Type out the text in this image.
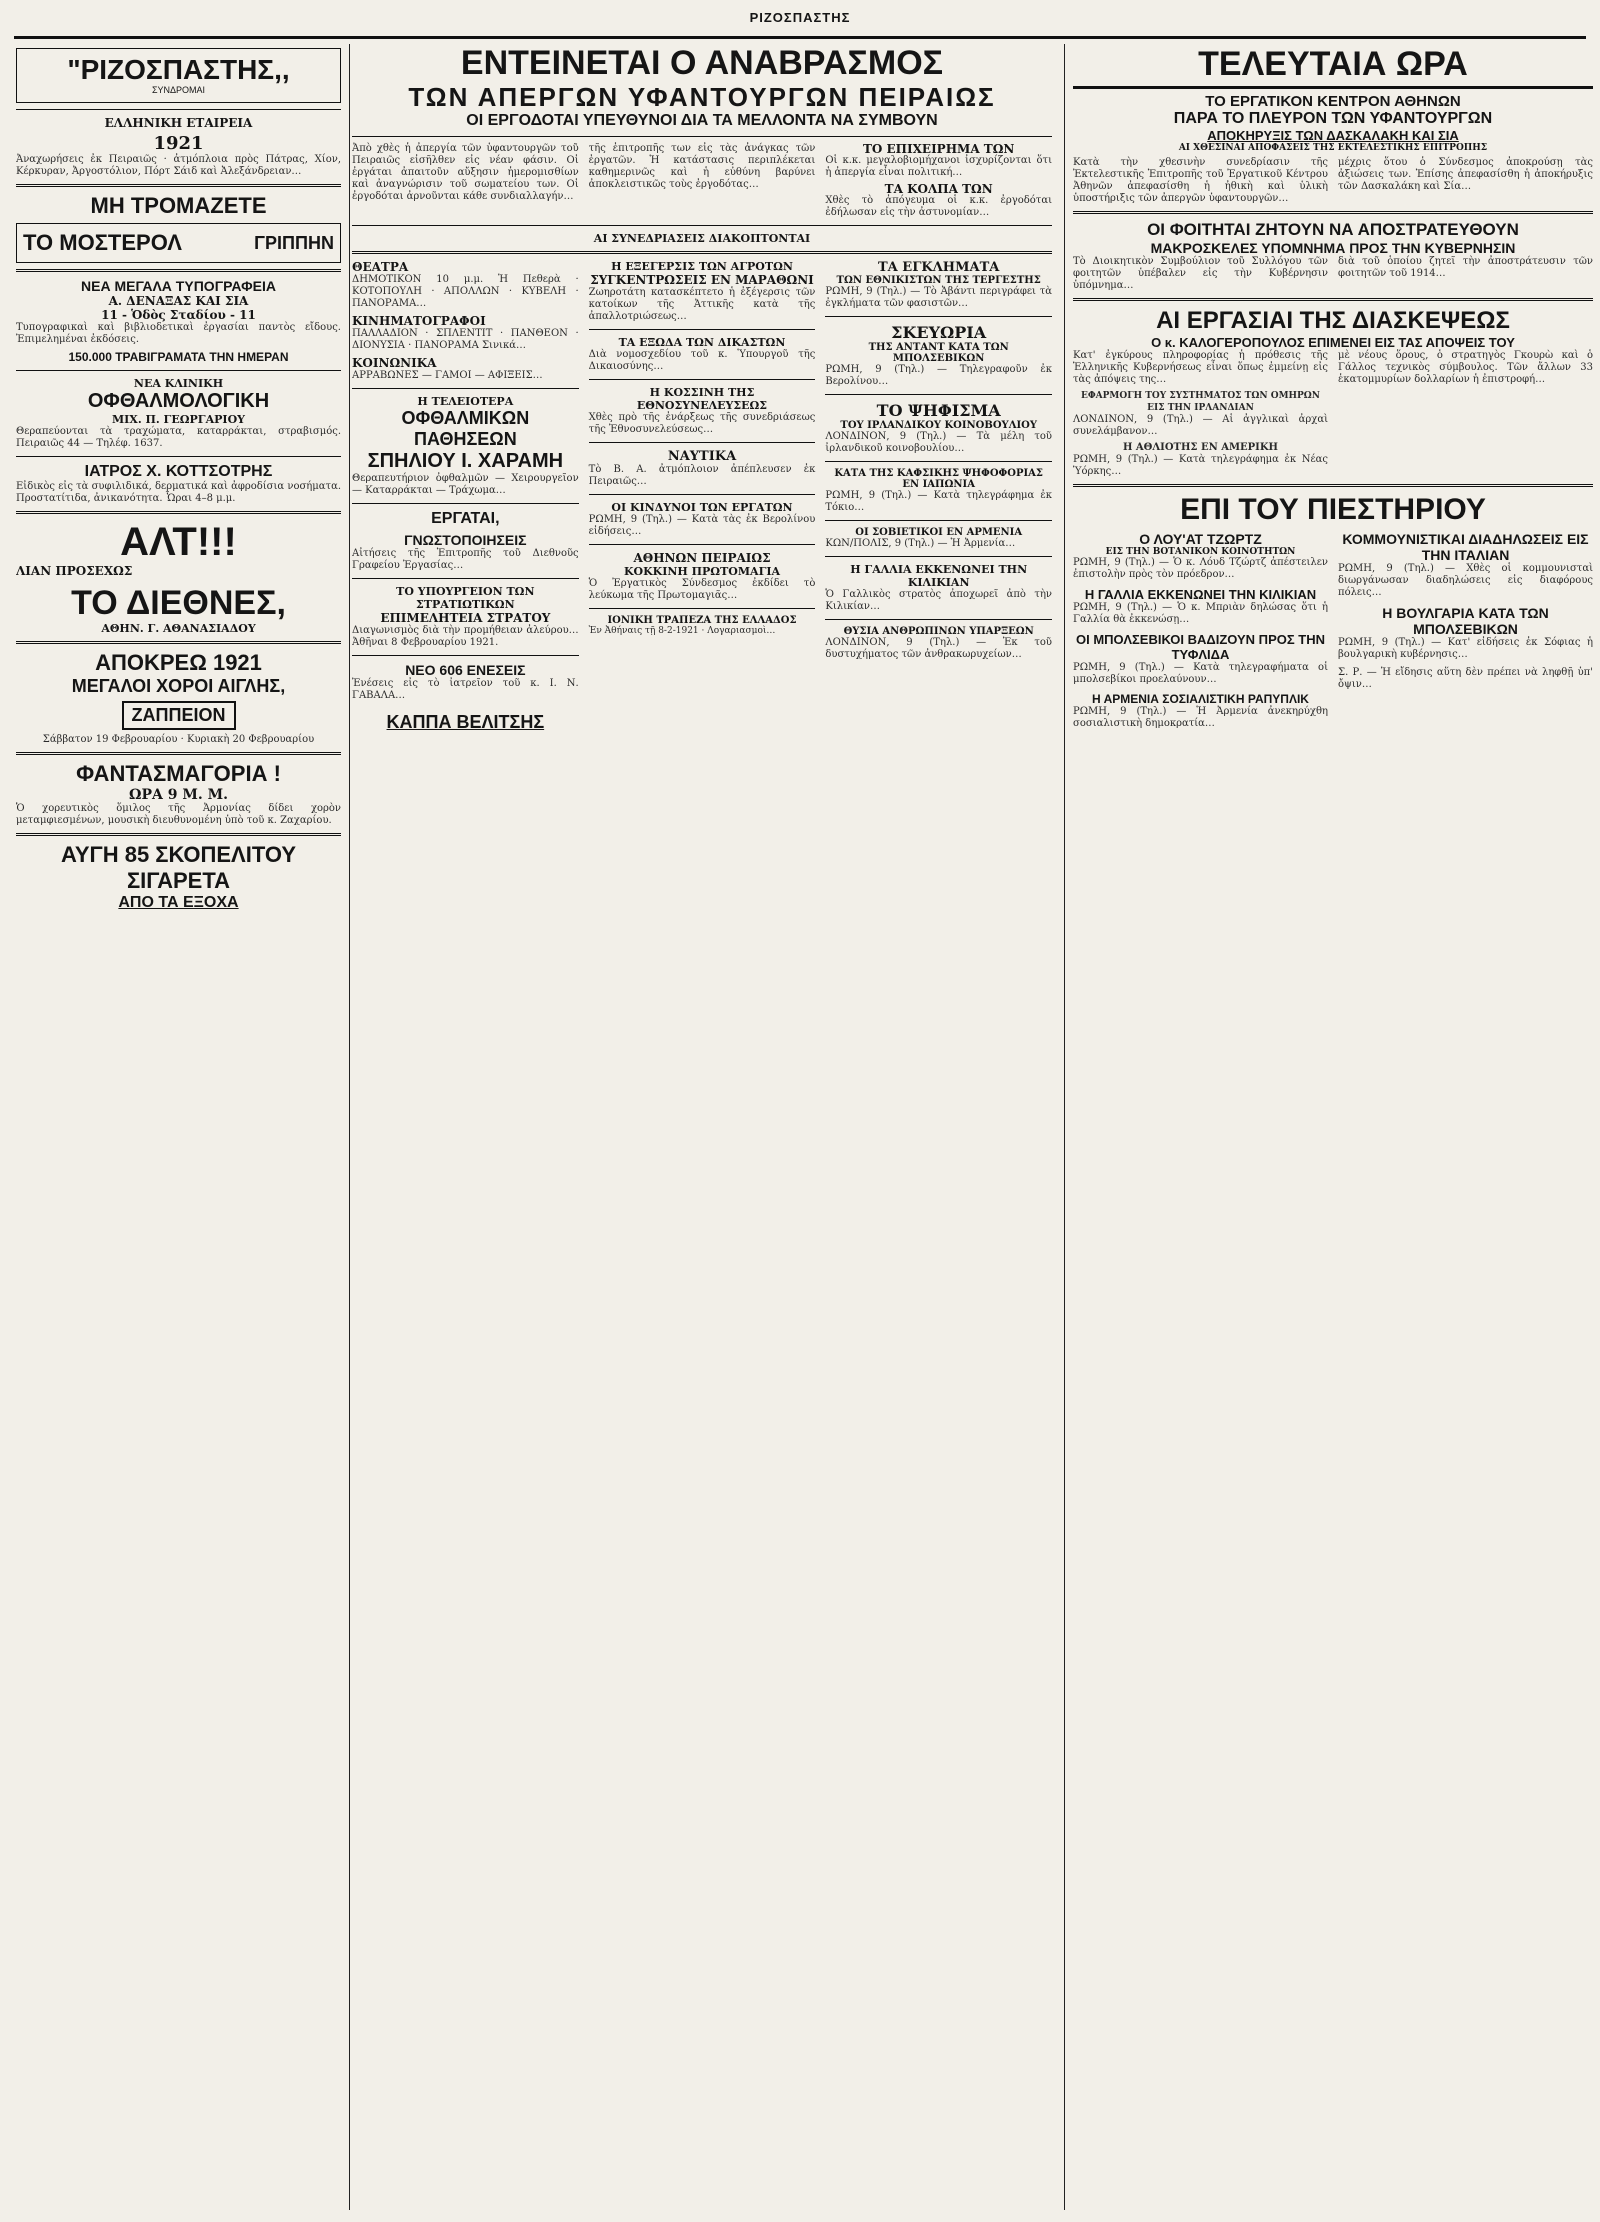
ΡΙΖΟΣΠΑΣΤΗΣ
"ΡΙΖΟΣΠΑΣΤΗΣ,,
ΣΥΝΔΡΟΜΑΙ
ΕΛΛΗΝΙΚΗ ΕΤΑΙΡΕΙΑ
1921
Ἀναχωρήσεις ἐκ Πειραιῶς · ἀτμόπλοια πρὸς Πάτρας, Χίον, Κέρκυραν, Ἀργοστόλιον, Πόρτ Σάιδ καὶ Ἀλεξάνδρειαν…
ΜΗ ΤΡΟΜΑΖΕΤΕ
ΤΟ ΜΟΣΤΕΡΟΛ	ΓΡΙΠΠΗΝ
ΝΕΑ ΜΕΓΑΛΑ ΤΥΠΟΓΡΑΦΕΙΑ
Α. ΔΕΝΑΞΑΣ ΚΑΙ ΣΙΑ
11 - Ὁδὸς Σταδίου - 11
Τυπογραφικαὶ καὶ βιβλιοδετικαὶ ἐργασίαι παντὸς εἴδους. Ἐπιμελημέναι ἐκδόσεις.
150.000 ΤΡΑΒΙΓΡΑΜΑΤΑ ΤΗΝ ΗΜΕΡΑΝ
ΝΕΑ ΚΛΙΝΙΚΗ
ΟΦΘΑΛΜΟΛΟΓΙΚΗ
ΜΙΧ. Π. ΓΕΩΡΓΑΡΙΟΥ
Θεραπεύονται τὰ τραχώματα, καταρράκται, στραβισμός. Πειραιῶς 44 — Τηλέφ. 1637.
ΙΑΤΡΟΣ Χ. ΚΟΤΤΣΟΤΡΗΣ
Εἰδικὸς εἰς τὰ συφιλιδικά, δερματικά καὶ ἀφροδίσια νοσήματα. Προστατίτιδα, ἀνικανότητα. Ὧραι 4–8 μ.μ.
ΑΛΤ!!!
ΛΙΑΝ ΠΡΟΣΕΧΩΣ
ΤΟ ΔΙΕΘΝΕΣ,
ΑΘΗΝ. Γ. ΑΘΑΝΑΣΙΑΔΟΥ
ΑΠΟΚΡΕΩ 1921
ΜΕΓΑΛΟΙ ΧΟΡΟΙ ΑΙΓΛΗΣ,
ΖΑΠΠΕΙΟΝ
Σάββατον 19 Φεβρουαρίου · Κυριακὴ 20 Φεβρουαρίου
ΦΑΝΤΑΣΜΑΓΟΡΙΑ !
ΩΡΑ 9 Μ. Μ.
Ὁ χορευτικὸς ὅμιλος τῆς Ἀρμονίας δίδει χορὸν μεταμφιεσμένων, μουσικὴ διευθυνομένη ὑπὸ τοῦ κ. Ζαχαρίου.
ΑΥΓΗ 85 ΣΚΟΠΕΛΙΤΟΥ ΣΙΓΑΡΕΤΑ
ΑΠΟ ΤΑ ΕΞΟΧΑ
ΕΝΤΕΙΝΕΤΑΙ Ο ΑΝΑΒΡΑΣΜΟΣ
ΤΩΝ ΑΠΕΡΓΩΝ ΥΦΑΝΤΟΥΡΓΩΝ ΠΕΙΡΑΙΩΣ
ΟΙ ΕΡΓΟΔΟΤΑΙ ΥΠΕΥΘΥΝΟΙ ΔΙΑ ΤΑ ΜΕΛΛΟΝΤΑ ΝΑ ΣΥΜΒΟΥΝ
Ἀπὸ χθὲς ἡ ἀπεργία τῶν ὑφαντουργῶν τοῦ Πειραιῶς εἰσῆλθεν εἰς νέαν φάσιν. Οἱ ἐργάται ἀπαιτοῦν αὔξησιν ἡμερομισθίων καὶ ἀναγνώρισιν τοῦ σωματείου των. Οἱ ἐργοδόται ἀρνοῦνται κάθε συνδιαλλαγήν…
τῆς ἐπιτροπῆς των εἰς τὰς ἀνάγκας τῶν ἐργατῶν. Ἡ κατάστασις περιπλέκεται καθημερινῶς καὶ ἡ εὐθύνη βαρύνει ἀποκλειστικῶς τοὺς ἐργοδότας…
ΤΟ ΕΠΙΧΕΙΡΗΜΑ ΤΩΝ
Οἱ κ.κ. μεγαλοβιομήχανοι ἰσχυρίζονται ὅτι ἡ ἀπεργία εἶναι πολιτική…
ΤΑ ΚΟΛΠΑ ΤΩΝ
Χθὲς τὸ ἀπόγευμα οἱ κ.κ. ἐργοδόται ἐδήλωσαν εἰς τὴν ἀστυνομίαν…
ΑΙ ΣΥΝΕΔΡΙΑΣΕΙΣ ΔΙΑΚΟΠΤΟΝΤΑΙ
ΘΕΑΤΡΑ
ΔΗΜΟΤΙΚΟΝ 10 μ.μ. Ἡ Πεθερὰ · ΚΟΤΟΠΟΥΛΗ · ΑΠΟΛΛΩΝ · ΚΥΒΕΛΗ · ΠΑΝΟΡΑΜΑ…
ΚΙΝΗΜΑΤΟΓΡΑΦΟΙ
ΠΑΛΛΑΔΙΟΝ · ΣΠΛΕΝΤΙΤ · ΠΑΝΘΕΟΝ · ΔΙΟΝΥΣΙΑ · ΠΑΝΟΡΑΜΑ Σινικά…
ΚΟΙΝΩΝΙΚΑ
ΑΡΡΑΒΩΝΕΣ — ΓΑΜΟΙ — ΑΦΙΞΕΙΣ…
Η ΤΕΛΕΙΟΤΕΡΑ
ΟΦΘΑΛΜΙΚΩΝ ΠΑΘΗΣΕΩΝ
ΣΠΗΛΙΟΥ Ι. ΧΑΡΑΜΗ
Θεραπευτήριον ὀφθαλμῶν — Χειρουργεῖον — Καταρράκται — Τράχωμα…
ΕΡΓΑΤΑΙ,
ΓΝΩΣΤΟΠΟΙΗΣΕΙΣ
Αἰτήσεις τῆς Ἐπιτροπῆς τοῦ Διεθνοῦς Γραφείου Ἐργασίας…
ΤΟ ΥΠΟΥΡΓΕΙΟΝ ΤΩΝ ΣΤΡΑΤΙΩΤΙΚΩΝ
ΕΠΙΜΕΛΗΤΕΙΑ ΣΤΡΑΤΟΥ
Διαγωνισμὸς διὰ τὴν προμήθειαν ἀλεύρου… Ἀθῆναι 8 Φεβρουαρίου 1921.
ΝΕΟ 606 ΕΝΕΣΕΙΣ
Ἐνέσεις εἰς τὸ ἰατρεῖον τοῦ κ. Ι. Ν. ΓΑΒΑΛΑ…
ΚΑΠΠΑ ΒΕΛΙΤΣΗΣ
Η ΕΞΕΓΕΡΣΙΣ ΤΩΝ ΑΓΡΟΤΩΝ
ΣΥΓΚΕΝΤΡΩΣΕΙΣ ΕΝ ΜΑΡΑΘΩΝΙ
Ζωηροτάτη κατασκέπτετο ἡ ἐξέγερσις τῶν κατοίκων τῆς Ἀττικῆς κατὰ τῆς ἀπαλλοτριώσεως…
ΤΑ ΕΞΩΔΑ ΤΩΝ ΔΙΚΑΣΤΩΝ
Διὰ νομοσχεδίου τοῦ κ. Ὑπουργοῦ τῆς Δικαιοσύνης…
Η ΚΟΣΣΙΝΗ ΤΗΣ ΕΘΝΟΣΥΝΕΛΕΥΣΕΩΣ
Χθὲς πρὸ τῆς ἐνάρξεως τῆς συνεδριάσεως τῆς Ἐθνοσυνελεύσεως…
ΝΑΥΤΙΚΑ
Τὸ Β. Α. ἀτμόπλοιον ἀπέπλευσεν ἐκ Πειραιῶς…
ΟΙ ΚΙΝΔΥΝΟΙ ΤΩΝ ΕΡΓΑΤΩΝ
ΡΩΜΗ, 9 (Τηλ.) — Κατὰ τὰς ἐκ Βερολίνου εἰδήσεις…
ΑΘΗΝΩΝ ΠΕΙΡΑΙΩΣ
ΚΟΚΚΙΝΗ ΠΡΩΤΟΜΑΓΙΑ
Ὁ Ἐργατικὸς Σύνδεσμος ἐκδίδει τὸ λεύκωμα τῆς Πρωτομαγιᾶς…
ΙΟΝΙΚΗ ΤΡΑΠΕΖΑ ΤΗΣ ΕΛΛΑΔΟΣ
Ἐν Ἀθήναις τῇ 8-2-1921 · Λογαριασμοὶ…
ΤΑ ΕΓΚΛΗΜΑΤΑ
ΤΩΝ ΕΘΝΙΚΙΣΤΩΝ ΤΗΣ ΤΕΡΓΕΣΤΗΣ
ΡΩΜΗ, 9 (Τηλ.) — Τὸ Ἀβάντι περιγράφει τὰ ἐγκλήματα τῶν φασιστῶν…
ΣΚΕΥΩΡΙΑ
ΤΗΣ ΑΝΤΑΝΤ ΚΑΤΑ ΤΩΝ ΜΠΟΛΣΕΒΙΚΩΝ
ΡΩΜΗ, 9 (Τηλ.) — Τηλεγραφοῦν ἐκ Βερολίνου…
ΤΟ ΨΗΦΙΣΜΑ
ΤΟΥ ΙΡΛΑΝΔΙΚΟΥ ΚΟΙΝΟΒΟΥΛΙΟΥ
ΛΟΝΔΙΝΟΝ, 9 (Τηλ.) — Τὰ μέλη τοῦ ἰρλανδικοῦ κοινοβουλίου…
ΚΑΤΑ ΤΗΣ ΚΑΦΣΙΚΗΣ ΨΗΦΟΦΟΡΙΑΣ ΕΝ ΙΑΠΩΝΙΑ
ΡΩΜΗ, 9 (Τηλ.) — Κατὰ τηλεγράφημα ἐκ Τόκιο…
ΟΙ ΣΟΒΙΕΤΙΚΟΙ ΕΝ ΑΡΜΕΝΙΑ
ΚΩΝ/ΠΟΛΙΣ, 9 (Τηλ.) — Ἡ Ἀρμενία…
Η ΓΑΛΛΙΑ ΕΚΚΕΝΩΝΕΙ ΤΗΝ ΚΙΛΙΚΙΑΝ
Ὁ Γαλλικὸς στρατὸς ἀποχωρεῖ ἀπὸ τὴν Κιλικίαν…
ΘΥΣΙΑ ΑΝΘΡΩΠΙΝΩΝ ΥΠΑΡΞΕΩΝ
ΛΟΝΔΙΝΟΝ, 9 (Τηλ.) — Ἐκ τοῦ δυστυχήματος τῶν ἀνθρακωρυχείων…
ΤΕΛΕΥΤΑΙΑ ΩΡΑ
ΤΟ ΕΡΓΑΤΙΚΟΝ ΚΕΝΤΡΟΝ ΑΘΗΝΩΝ
ΠΑΡΑ ΤΟ ΠΛΕΥΡΟΝ ΤΩΝ ΥΦΑΝΤΟΥΡΓΩΝ
ΑΠΟΚΗΡΥΞΙΣ ΤΩΝ ΔΑΣΚΑΛΑΚΗ ΚΑΙ ΣΙΑ
ΑΙ ΧΘΕΣΙΝΑΙ ΑΠΟΦΑΣΕΙΣ ΤΗΣ ΕΚΤΕΛΕΣΤΙΚΗΣ ΕΠΙΤΡΟΠΗΣ
Κατὰ τὴν χθεσινὴν συνεδρίασιν τῆς Ἐκτελεστικῆς Ἐπιτροπῆς τοῦ Ἐργατικοῦ Κέντρου Ἀθηνῶν ἀπεφασίσθη ἡ ἠθικὴ καὶ ὑλικὴ ὑποστήριξις τῶν ἀπεργῶν ὑφαντουργῶν…
μέχρις ὅτου ὁ Σύνδεσμος ἀποκρούσῃ τὰς ἀξιώσεις των. Ἐπίσης ἀπεφασίσθη ἡ ἀποκήρυξις τῶν Δασκαλάκη καὶ Σία…
ΟΙ ΦΟΙΤΗΤΑΙ ΖΗΤΟΥΝ ΝΑ ΑΠΟΣΤΡΑΤΕΥΘΟΥΝ
ΜΑΚΡΟΣΚΕΛΕΣ ΥΠΟΜΝΗΜΑ ΠΡΟΣ ΤΗΝ ΚΥΒΕΡΝΗΣΙΝ
Τὸ Διοικητικὸν Συμβούλιον τοῦ Συλλόγου τῶν φοιτητῶν ὑπέβαλεν εἰς τὴν Κυβέρνησιν ὑπόμνημα…
διὰ τοῦ ὁποίου ζητεῖ τὴν ἀποστράτευσιν τῶν φοιτητῶν τοῦ 1914…
ΑΙ ΕΡΓΑΣΙΑΙ ΤΗΣ ΔΙΑΣΚΕΨΕΩΣ
Ο κ. ΚΑΛΟΓΕΡΟΠΟΥΛΟΣ ΕΠΙΜΕΝΕΙ ΕΙΣ ΤΑΣ ΑΠΟΨΕΙΣ ΤΟΥ
Κατ' ἐγκύρους πληροφορίας ἡ πρόθεσις τῆς Ἑλληνικῆς Κυβερνήσεως εἶναι ὅπως ἐμμείνῃ εἰς τὰς ἀπόψεις της…
ΕΦΑΡΜΟΓΗ ΤΟΥ ΣΥΣΤΗΜΑΤΟΣ ΤΩΝ ΟΜΗΡΩΝ ΕΙΣ ΤΗΝ ΙΡΛΑΝΔΙΑΝ
ΛΟΝΔΙΝΟΝ, 9 (Τηλ.) — Αἱ ἀγγλικαὶ ἀρχαὶ συνελάμβανον…
Η ΑΘΛΙΟΤΗΣ ΕΝ ΑΜΕΡΙΚΗ
ΡΩΜΗ, 9 (Τηλ.) — Κατὰ τηλεγράφημα ἐκ Νέας Ὑόρκης…
μὲ νέους ὅρους, ὁ στρατηγὸς Γκουρὼ καὶ ὁ Γάλλος τεχνικὸς σύμβουλος. Τῶν ἄλλων 33 ἑκατομμυρίων δολλαρίων ἡ ἐπιστροφή…
ΕΠΙ ΤΟΥ ΠΙΕΣΤΗΡΙΟΥ
Ο ΛΟΥ'ΑΤ ΤΖΩΡΤΖ
ΕΙΣ ΤΗΝ ΒΟΤΑΝΙΚΟΝ ΚΟΙΝΟΤΗΤΩΝ
ΡΩΜΗ, 9 (Τηλ.) — Ὁ κ. Λόυδ Τζώρτζ ἀπέστειλεν ἐπιστολὴν πρὸς τὸν πρόεδρον…
Η ΓΑΛΛΙΑ ΕΚΚΕΝΩΝΕΙ ΤΗΝ ΚΙΛΙΚΙΑΝ
ΡΩΜΗ, 9 (Τηλ.) — Ὁ κ. Μπριὰν δηλώσας ὅτι ἡ Γαλλία θὰ ἐκκενώσῃ…
ΟΙ ΜΠΟΛΣΕΒΙΚΟΙ ΒΑΔΙΖΟΥΝ ΠΡΟΣ ΤΗΝ ΤΥΦΛΙΔΑ
ΡΩΜΗ, 9 (Τηλ.) — Κατὰ τηλεγραφήματα οἱ μπολσεβίκοι προελαύνουν…
Η ΑΡΜΕΝΙΑ ΣΟΣΙΑΛΙΣΤΙΚΗ ΡΑΠΥΠΛΙΚ
ΡΩΜΗ, 9 (Τηλ.) — Ἡ Ἀρμενία ἀνεκηρύχθη σοσιαλιστικὴ δημοκρατία…
ΚΟΜΜΟΥΝΙΣΤΙΚΑΙ ΔΙΑΔΗΛΩΣΕΙΣ ΕΙΣ ΤΗΝ ΙΤΑΛΙΑΝ
ΡΩΜΗ, 9 (Τηλ.) — Χθὲς οἱ κομμουνισταὶ διωργάνωσαν διαδηλώσεις εἰς διαφόρους πόλεις…
Η ΒΟΥΛΓΑΡΙΑ ΚΑΤΑ ΤΩΝ ΜΠΟΛΣΕΒΙΚΩΝ
ΡΩΜΗ, 9 (Τηλ.) — Κατ' εἰδήσεις ἐκ Σόφιας ἡ βουλγαρικὴ κυβέρνησις…
Σ. Ρ. — Ἡ εἴδησις αὕτη δὲν πρέπει νὰ ληφθῇ ὑπ' ὄψιν…
